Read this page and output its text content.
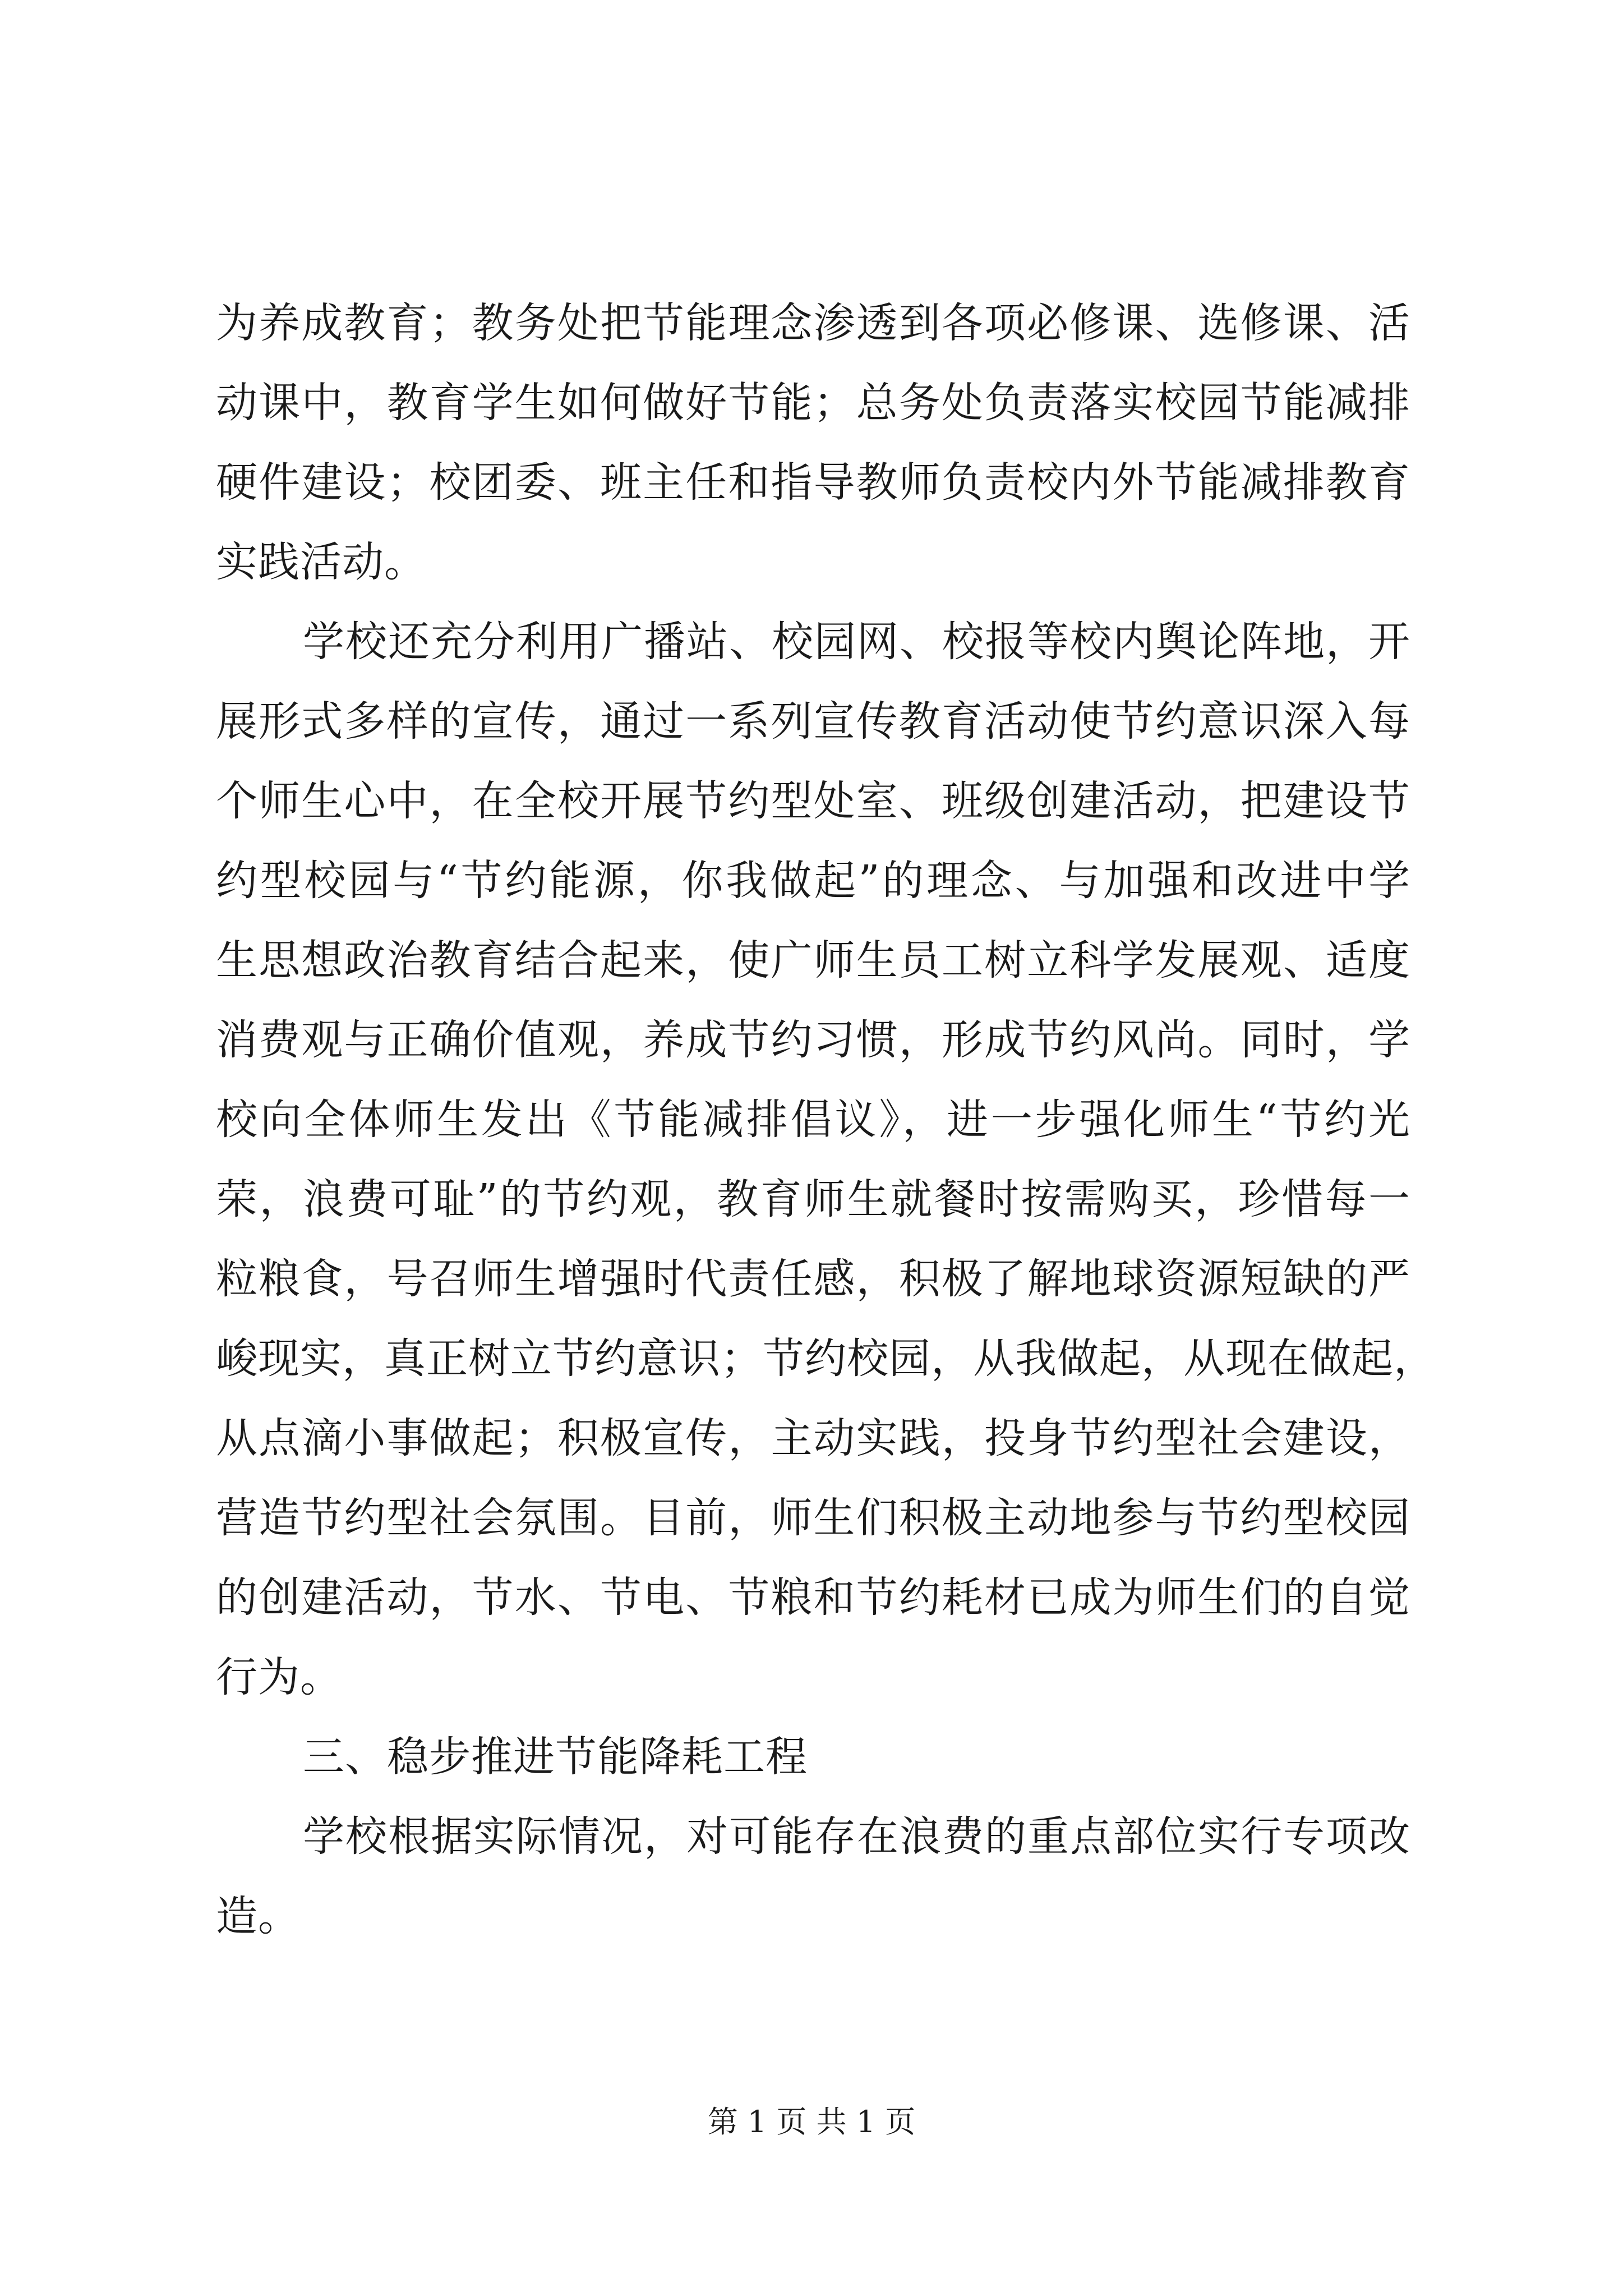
为养成教育；教务处把节能理念渗透到各项必修课、选修课、活
动课中，教育学生如何做好节能；总务处负责落实校园节能减排
硬件建设；校团委、班主任和指导教师负责校内外节能减排教育
实践活动。
学校还充分利用广播站、校园网、校报等校内舆论阵地，开
展形式多样的宣传，通过一系列宣传教育活动使节约意识深入每
个师生心中，在全校开展节约型处室、班级创建活动，把建设节
约型校园与“节约能源，你我做起”的理念、与加强和改进中学
生思想政治教育结合起来，使广师生员工树立科学发展观、适度
消费观与正确价值观，养成节约习惯，形成节约风尚。同时，学
校向全体师生发出《节能减排倡议》，进一步强化师生“节约光
荣，浪费可耻”的节约观，教育师生就餐时按需购买，珍惜每一
粒粮食，号召师生增强时代责任感，积极了解地球资源短缺的严
峻现实，真正树立节约意识；节约校园，从我做起，从现在做起，
从点滴小事做起；积极宣传，主动实践，投身节约型社会建设，
营造节约型社会氛围。目前，师生们积极主动地参与节约型校园
的创建活动，节水、节电、节粮和节约耗材已成为师生们的自觉
行为。
三、稳步推进节能降耗工程
学校根据实际情况，对可能存在浪费的重点部位实行专项改
造。
第 1 页 共 1 页
